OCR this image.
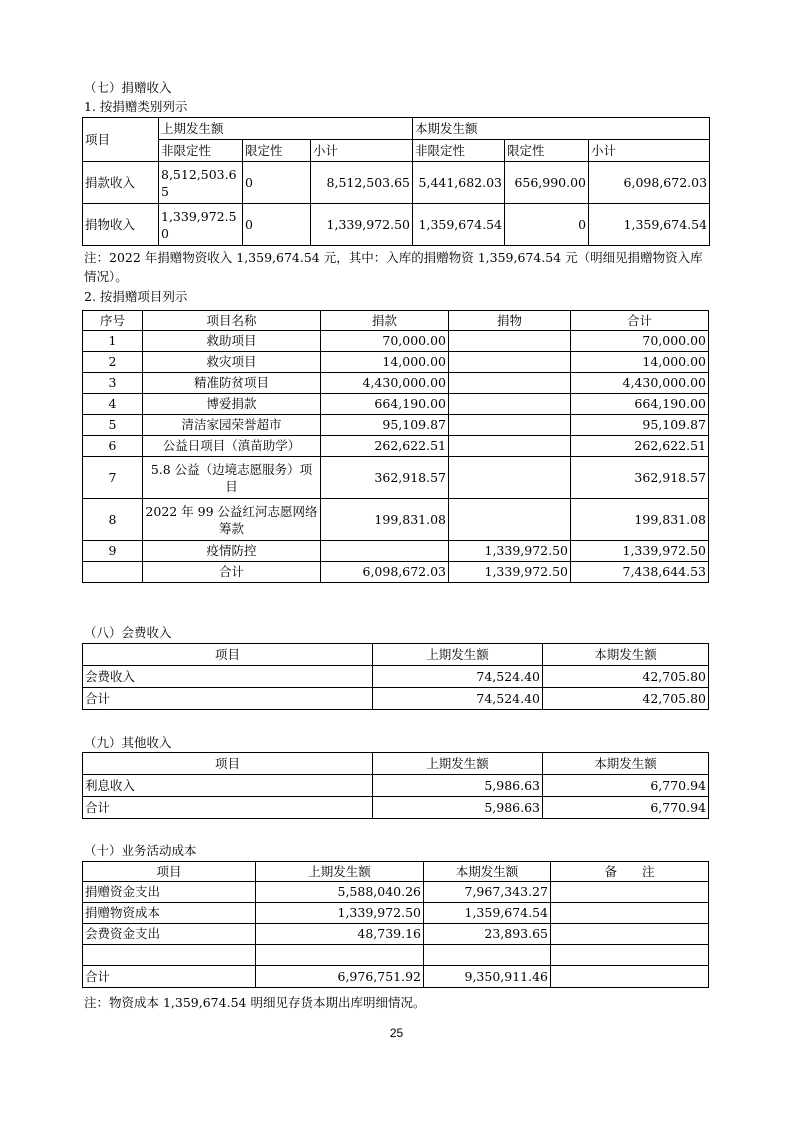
（七）捐赠收入
1. 按捐赠类别列示
项目	上期发生额			本期发生额		
	非限定性	限定性	小计	非限定性	限定性	小计
捐款收入	8,512,503.65	0	8,512,503.65	5,441,682.03	656,990.00	6,098,672.03
捐物收入	1,339,972.50	0	1,339,972.50	1,359,674.54	0	1,359,674.54
注：2022 年捐赠物资收入 1,359,674.54 元，其中：入库的捐赠物资 1,359,674.54 元（明细见捐赠物资入库情况）。
2. 按捐赠项目列示
序号	项目名称	捐款	捐物	合计
1	救助项目	70,000.00		70,000.00
2	救灾项目	14,000.00		14,000.00
3	精准防贫项目	4,430,000.00		4,430,000.00
4	博爱捐款	664,190.00		664,190.00
5	清洁家园荣誉超市	95,109.87		95,109.87
6	公益日项目（滇苗助学）	262,622.51		262,622.51
7	5.8 公益（边境志愿服务）项目	362,918.57		362,918.57
8	2022 年 99 公益红河志愿网络筹款	199,831.08		199,831.08
9	疫情防控		1,339,972.50	1,339,972.50
	合计	6,098,672.03	1,339,972.50	7,438,644.53
（八）会费收入
项目	上期发生额	本期发生额
会费收入	74,524.40	42,705.80
合计	74,524.40	42,705.80
（九）其他收入
项目	上期发生额	本期发生额
利息收入	5,986.63	6,770.94
合计	5,986.63	6,770.94
（十）业务活动成本
项目	上期发生额	本期发生额	备　　注
捐赠资金支出	5,588,040.26	7,967,343.27	
捐赠物资成本	1,339,972.50	1,359,674.54	
会费资金支出	48,739.16	23,893.65	

合计	6,976,751.92	9,350,911.46	
注：物资成本 1,359,674.54 明细见存货本期出库明细情况。
25
